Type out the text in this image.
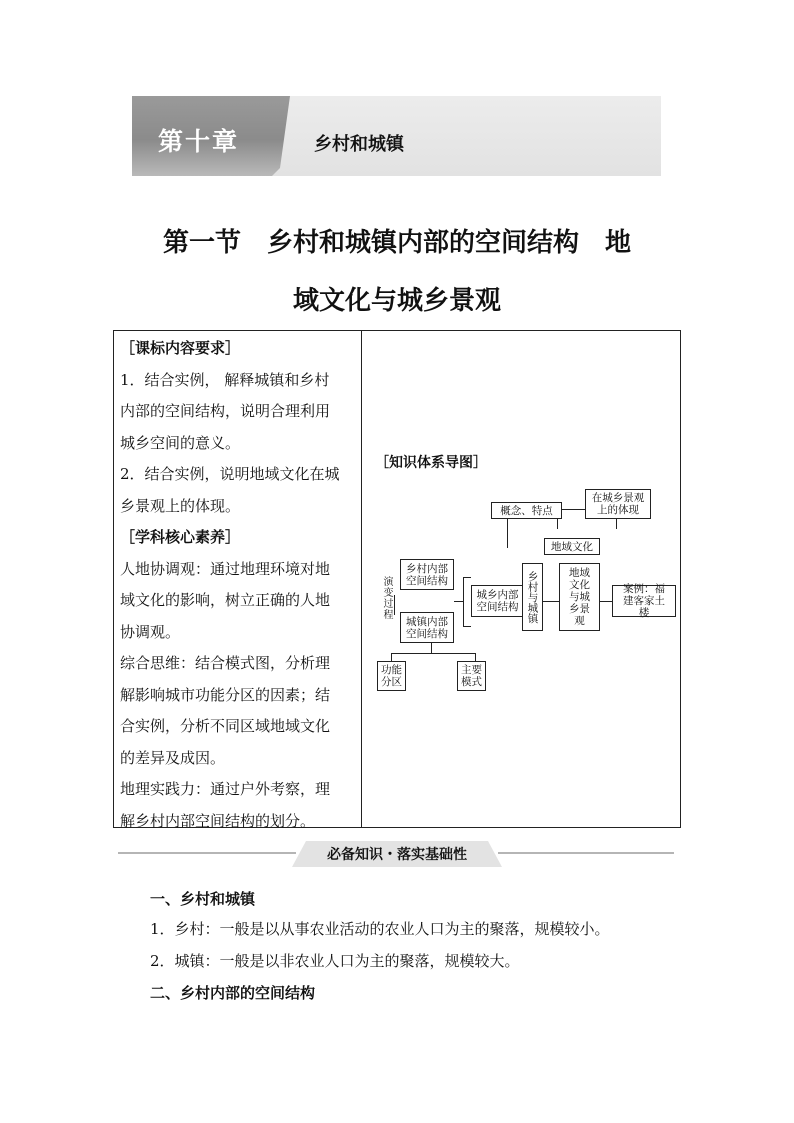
第十章	乡村和城镇
第一节　乡村和城镇内部的空间结构　地
域文化与城乡景观
［课标内容要求］
1．结合实例， 解释城镇和乡村
内部的空间结构，说明合理利用
城乡空间的意义。
2．结合实例，说明地域文化在城
乡景观上的体现。
［学科核心素养］
人地协调观：通过地理环境对地
域文化的影响，树立正确的人地
协调观。
综合思维：结合模式图，分析理
解影响城市功能分区的因素；结
合实例，分析不同区域地域文化
的差异及成因。
地理实践力：通过户外考察，理
解乡村内部空间结构的划分。
［知识体系导图］
概念、特点
在城乡景观上的体现
地域文化
乡村内部空间结构
演变过程
城镇内部空间结构
城乡内部空间结构 乡村与城镇	地域文化与城乡景观
案例：福建客家土楼
功能分区
主要模式
必备知识・落实基础性
一、乡村和城镇
1．乡村：一般是以从事农业活动的农业人口为主的聚落，规模较小。
2．城镇：一般是以非农业人口为主的聚落，规模较大。
二、乡村内部的空间结构
